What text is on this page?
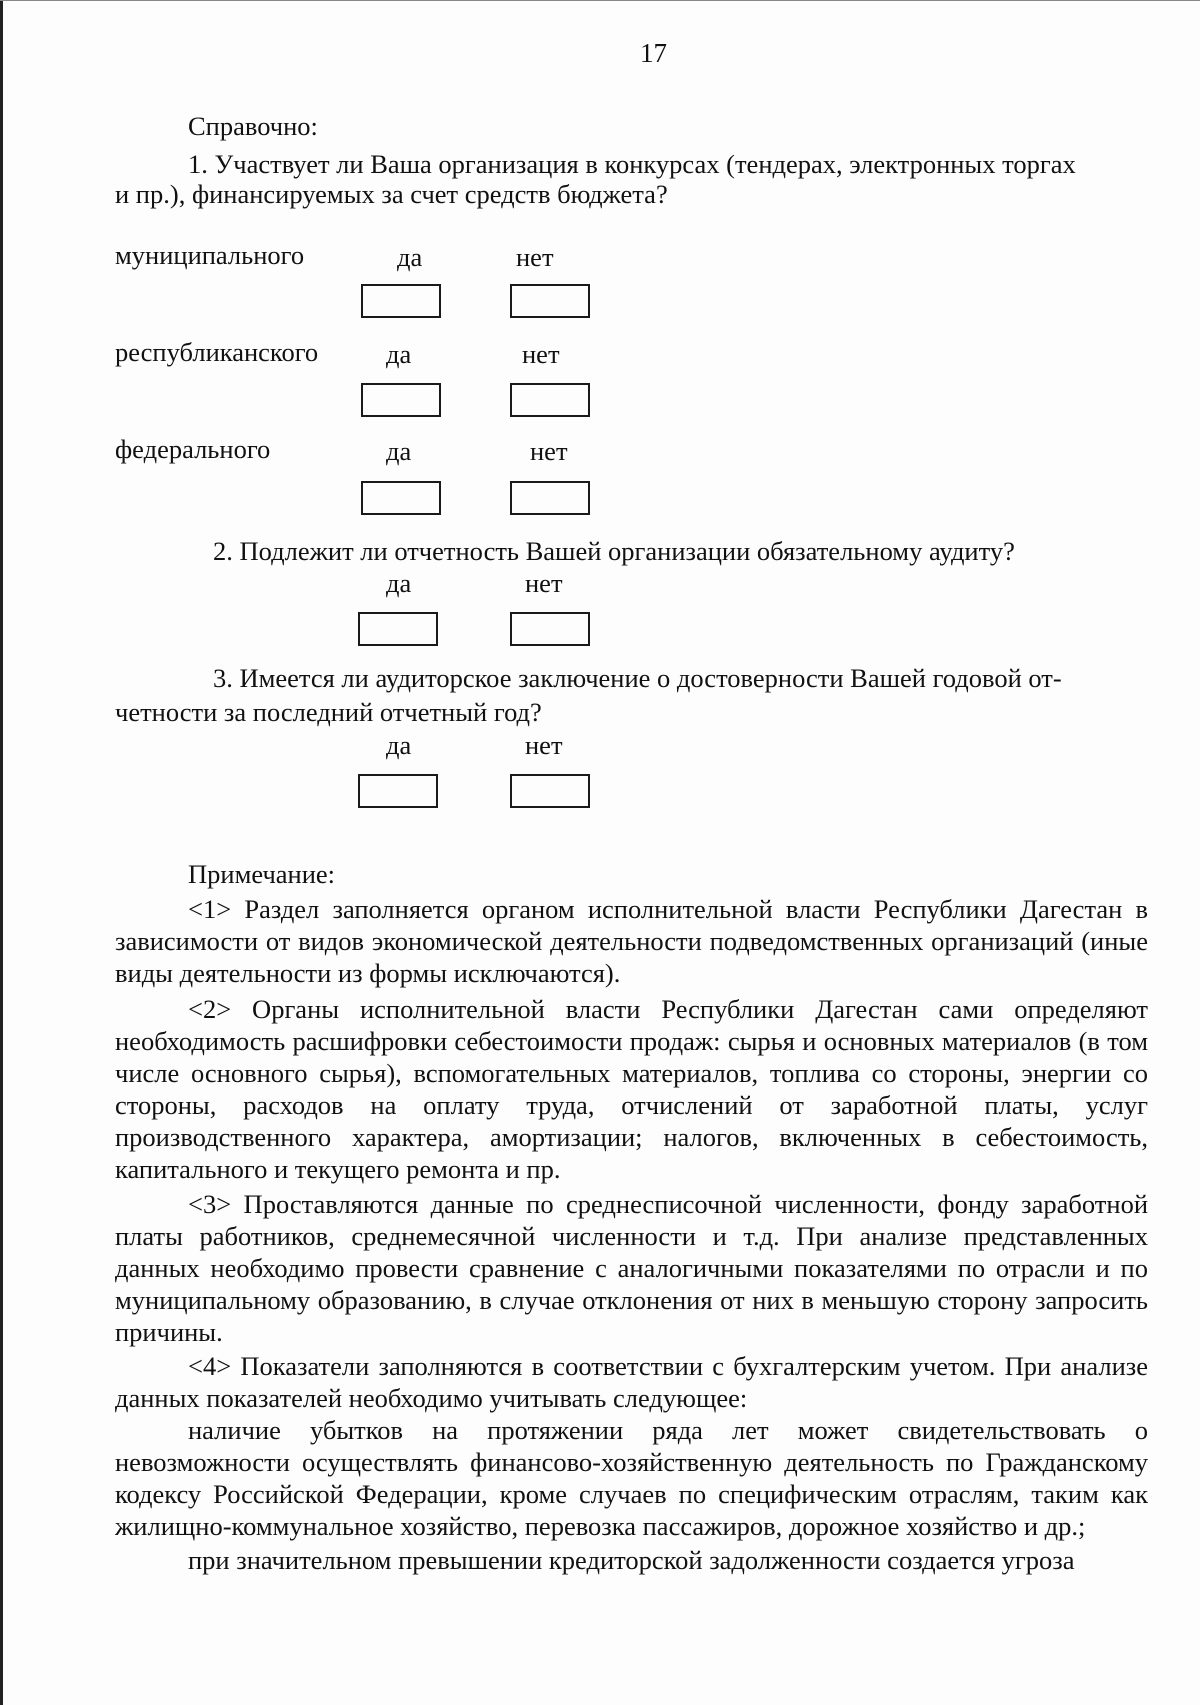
17
Справочно:
1. Участвует ли Ваша организация в конкурсах (тендерах, электронных торгах
и пр.), финансируемых за счет средств бюджета?
муниципального	да	нет
республиканского	да	нет
федерального	да	нет
2. Подлежит ли отчетность Вашей организации обязательному аудиту?
да	нет
3. Имеется ли аудиторское заключение о достоверности Вашей годовой от-
четности за последний отчетный год?
да	нет
Примечание:

<1> Раздел заполняется органом исполнительной власти Республики Дагестан в зависимости от видов экономической деятельности подведомственных организаций (иные виды деятельности из формы исключаются).

<2> Органы исполнительной власти Республики Дагестан сами определяют необходимость расшифровки себестоимости продаж: сырья и основных материалов (в том числе основного сырья), вспомогательных материалов, топлива со стороны, энергии со стороны, расходов на оплату труда, отчислений от заработной платы, услуг производственного характера, амортизации; налогов, включенных в себестоимость, капитального и текущего ремонта и пр.

<3> Проставляются данные по среднесписочной численности, фонду заработной платы работников, среднемесячной численности и т.д. При анализе представленных данных необходимо провести сравнение с аналогичными показателями по отрасли и по муниципальному образованию, в случае отклонения от них в меньшую сторону запросить причины.

<4> Показатели заполняются в соответствии с бухгалтерским учетом. При анализе данных показателей необходимо учитывать следующее:

наличие убытков на протяжении ряда лет может свидетельствовать о невозможности осуществлять финансово-хозяйственную деятельность по Гражданскому кодексу Российской Федерации, кроме случаев по специфическим отраслям, таким как жилищно-коммунальное хозяйство, перевозка пассажиров, дорожное хозяйство и др.;

при значительном превышении кредиторской задолженности создается угроза
